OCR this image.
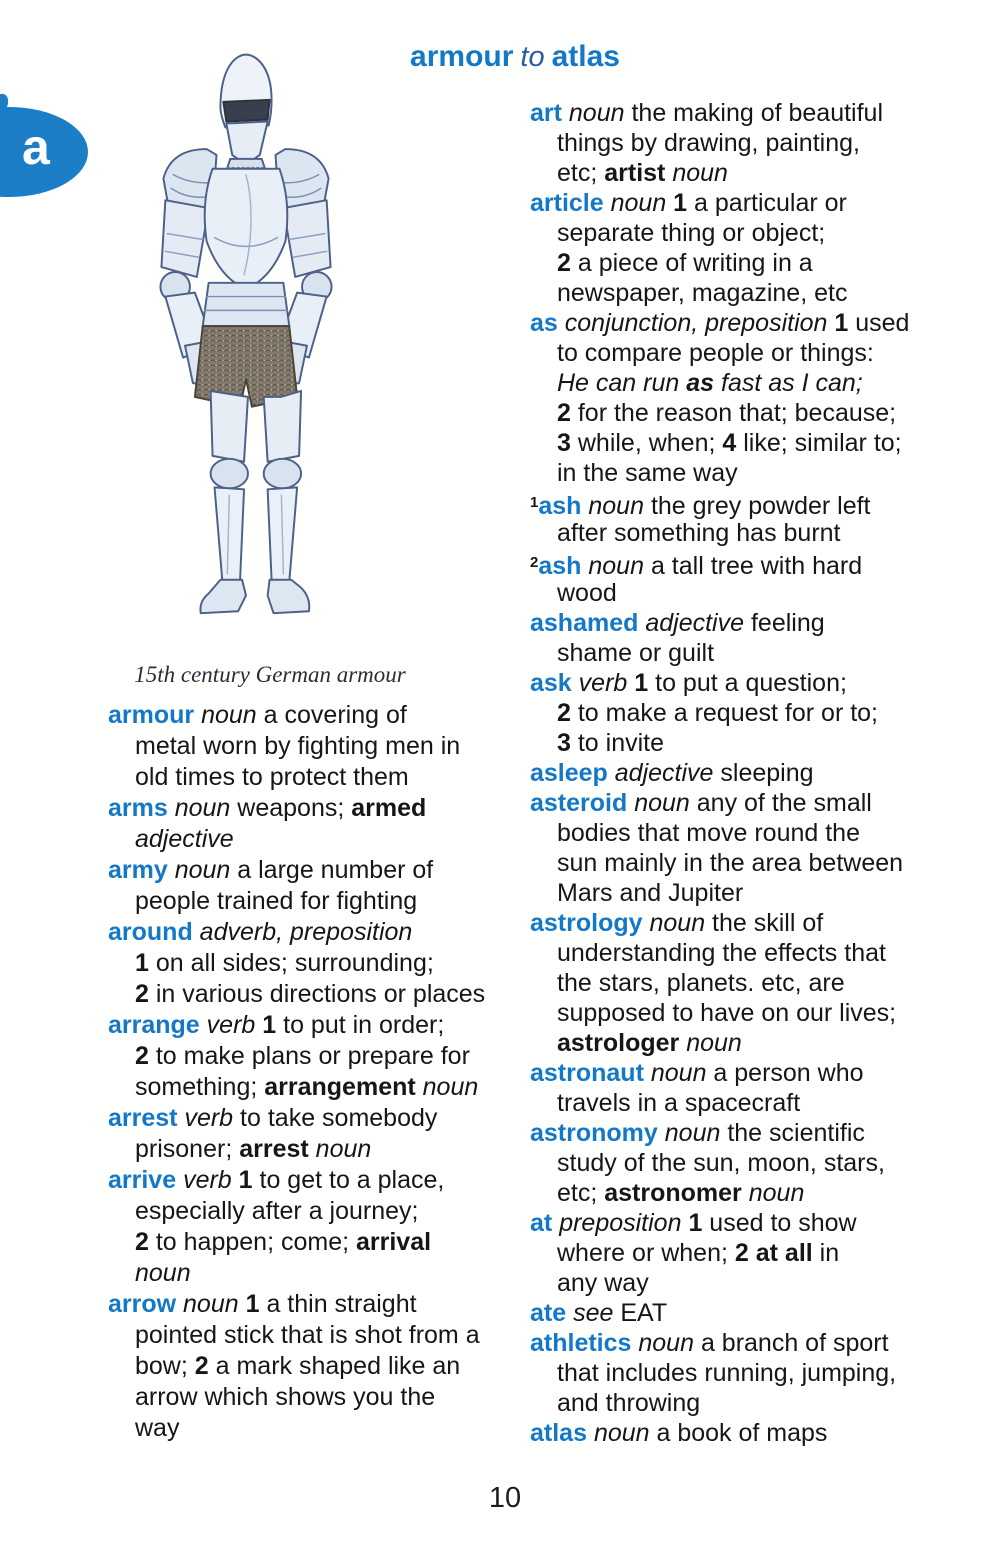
a
armour to atlas
15th century German armour
armour noun a covering of
metal worn by fighting men in
old times to protect them
arms noun weapons; armed
adjective
army noun a large number of
people trained for fighting
around adverb, preposition
1 on all sides; surrounding;
2 in various directions or places
arrange verb 1 to put in order;
2 to make plans or prepare for
something; arrangement noun
arrest verb to take somebody
prisoner; arrest noun
arrive verb 1 to get to a place,
especially after a journey;
2 to happen; come; arrival
noun
arrow noun 1 a thin straight
pointed stick that is shot from a
bow; 2 a mark shaped like an
arrow which shows you the
way
art noun the making of beautiful
things by drawing, painting,
etc; artist noun
article noun 1 a particular or
separate thing or object;
2 a piece of writing in a
newspaper, magazine, etc
as conjunction, preposition 1 used
to compare people or things:
He can run as fast as I can;
2 for the reason that; because;
3 while, when; 4 like; similar to;
in the same way
$^1$ash noun the grey powder left
after something has burnt
$^2$ash noun a tall tree with hard
wood
ashamed adjective feeling
shame or guilt
ask verb 1 to put a question;
2 to make a request for or to;
3 to invite
asleep adjective sleeping
asteroid noun any of the small
bodies that move round the
sun mainly in the area between
Mars and Jupiter
astrology noun the skill of
understanding the effects that
the stars, planets. etc, are
supposed to have on our lives;
astrologer noun
astronaut noun a person who
travels in a spacecraft
astronomy noun the scientific
study of the sun, moon, stars,
etc; astronomer noun
at preposition 1 used to show
where or when; 2 at all in
any way
ate see EAT
athletics noun a branch of sport
that includes running, jumping,
and throwing
atlas noun a book of maps
10
